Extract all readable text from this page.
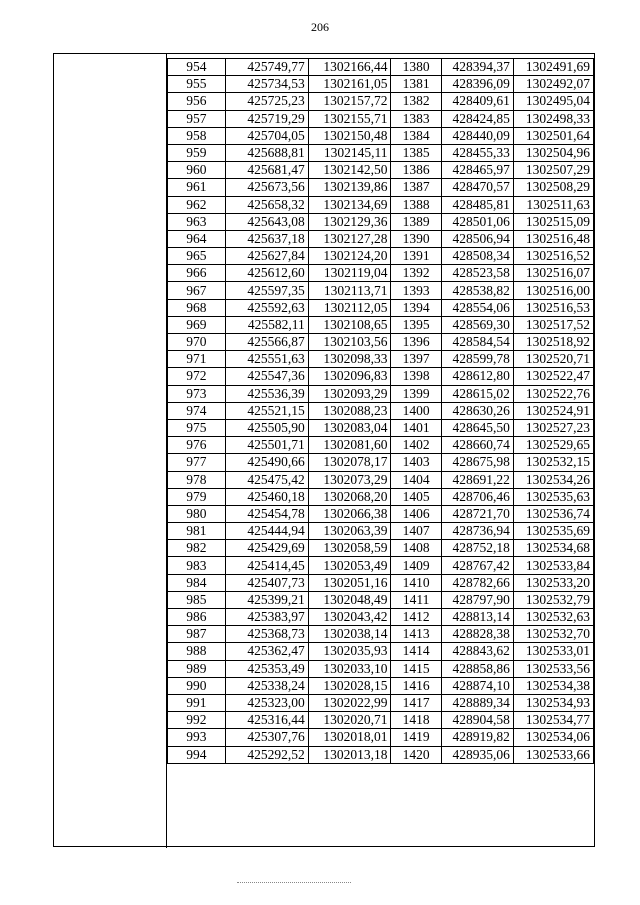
206
954	425749,77	1302166,44	1380	428394,37	1302491,69
955	425734,53	1302161,05	1381	428396,09	1302492,07
956	425725,23	1302157,72	1382	428409,61	1302495,04
957	425719,29	1302155,71	1383	428424,85	1302498,33
958	425704,05	1302150,48	1384	428440,09	1302501,64
959	425688,81	1302145,11	1385	428455,33	1302504,96
960	425681,47	1302142,50	1386	428465,97	1302507,29
961	425673,56	1302139,86	1387	428470,57	1302508,29
962	425658,32	1302134,69	1388	428485,81	1302511,63
963	425643,08	1302129,36	1389	428501,06	1302515,09
964	425637,18	1302127,28	1390	428506,94	1302516,48
965	425627,84	1302124,20	1391	428508,34	1302516,52
966	425612,60	1302119,04	1392	428523,58	1302516,07
967	425597,35	1302113,71	1393	428538,82	1302516,00
968	425592,63	1302112,05	1394	428554,06	1302516,53
969	425582,11	1302108,65	1395	428569,30	1302517,52
970	425566,87	1302103,56	1396	428584,54	1302518,92
971	425551,63	1302098,33	1397	428599,78	1302520,71
972	425547,36	1302096,83	1398	428612,80	1302522,47
973	425536,39	1302093,29	1399	428615,02	1302522,76
974	425521,15	1302088,23	1400	428630,26	1302524,91
975	425505,90	1302083,04	1401	428645,50	1302527,23
976	425501,71	1302081,60	1402	428660,74	1302529,65
977	425490,66	1302078,17	1403	428675,98	1302532,15
978	425475,42	1302073,29	1404	428691,22	1302534,26
979	425460,18	1302068,20	1405	428706,46	1302535,63
980	425454,78	1302066,38	1406	428721,70	1302536,74
981	425444,94	1302063,39	1407	428736,94	1302535,69
982	425429,69	1302058,59	1408	428752,18	1302534,68
983	425414,45	1302053,49	1409	428767,42	1302533,84
984	425407,73	1302051,16	1410	428782,66	1302533,20
985	425399,21	1302048,49	1411	428797,90	1302532,79
986	425383,97	1302043,42	1412	428813,14	1302532,63
987	425368,73	1302038,14	1413	428828,38	1302532,70
988	425362,47	1302035,93	1414	428843,62	1302533,01
989	425353,49	1302033,10	1415	428858,86	1302533,56
990	425338,24	1302028,15	1416	428874,10	1302534,38
991	425323,00	1302022,99	1417	428889,34	1302534,93
992	425316,44	1302020,71	1418	428904,58	1302534,77
993	425307,76	1302018,01	1419	428919,82	1302534,06
994	425292,52	1302013,18	1420	428935,06	1302533,66
